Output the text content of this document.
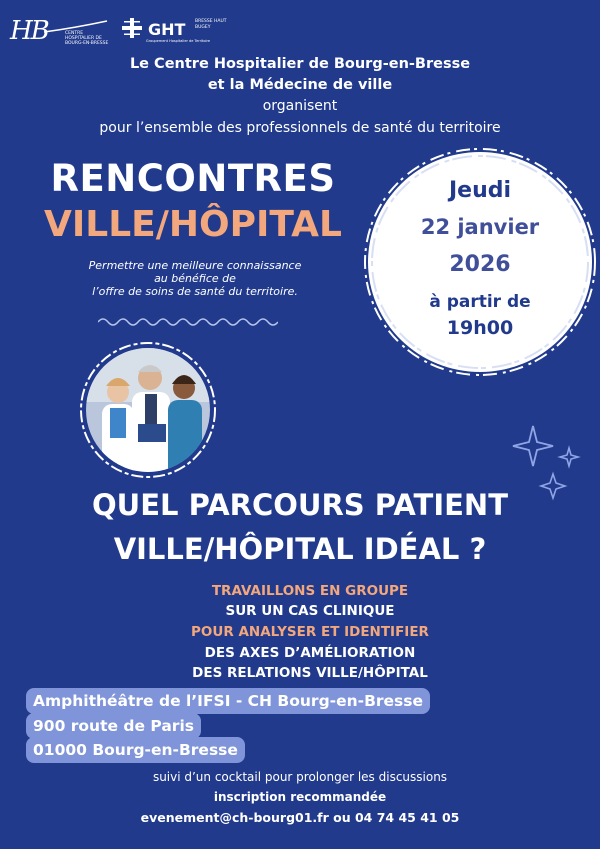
HB	CENTRE HOSPITALIER DE BOURG-EN-BRESSE
GHT BRESSE HAUT BUGEY
Groupement Hospitalier de Territoire
Le Centre Hospitalier de Bourg-en-Bresse
et la Médecine de ville
organisent
pour l’ensemble des professionnels de santé du territoire
RENCONTRES
VILLE/HÔPITAL
Permettre une meilleure connaissance
au bénéfice de
l’offre de soins de santé du territoire.
Jeudi
22 janvier
2026
à partir de
19h00
QUEL PARCOURS PATIENT
VILLE/HÔPITAL IDÉAL ?
TRAVAILLONS EN GROUPE
SUR UN CAS CLINIQUE
POUR ANALYSER ET IDENTIFIER
DES AXES D’AMÉLIORATION
DES RELATIONS VILLE/HÔPITAL
Amphithéâtre de l’IFSI - CH Bourg-en-Bresse
900 route de Paris
01000 Bourg-en-Bresse
suivi d’un cocktail pour prolonger les discussions
inscription recommandée
evenement@ch-bourg01.fr ou 04 74 45 41 05
